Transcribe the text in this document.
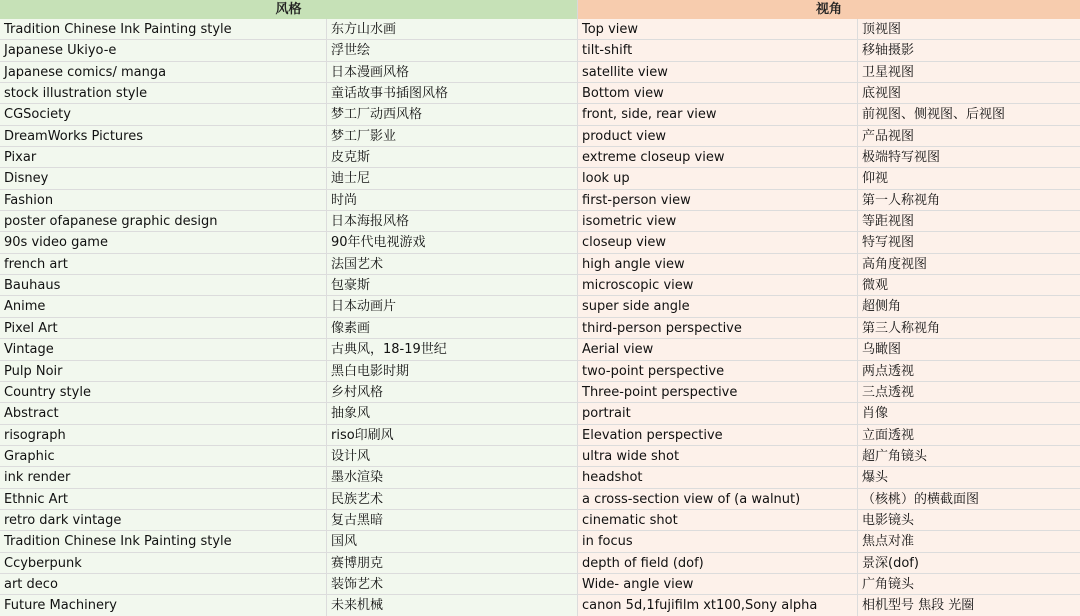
风格	视角
Tradition Chinese Ink Painting style	东方山水画	Top view	顶视图
Japanese Ukiyo-e	浮世绘	tilt-shift	移轴摄影
Japanese comics/ manga	日本漫画风格	satellite view	卫星视图
stock illustration style	童话故事书插图风格	Bottom view	底视图
CGSociety	梦工厂动西风格	front, side, rear view	前视图、侧视图、后视图
DreamWorks Pictures	梦工厂影业	product view	产品视图
Pixar	皮克斯	extreme closeup view	极端特写视图
Disney	迪士尼	look up	仰视
Fashion	时尚	first-person view	第一人称视角
poster ofapanese graphic design	日本海报风格	isometric view	等距视图
90s video game	90年代电视游戏	closeup view	特写视图
french art	法国艺术	high angle view	高角度视图
Bauhaus	包豪斯	microscopic view	微观
Anime	日本动画片	super side angle	超侧角
Pixel Art	像素画	third-person perspective	第三人称视角
Vintage	古典风，18-19世纪	Aerial view	乌瞰图
Pulp Noir	黑白电影时期	two-point perspective	两点透视
Country style	乡村风格	Three-point perspective	三点透视
Abstract	抽象风	portrait	肖像
risograph	riso印刷风	Elevation perspective	立面透视
Graphic	设计风	ultra wide shot	超广角镜头
ink render	墨水渲染	headshot	爆头
Ethnic Art	民族艺术	a cross-section view of (a walnut)	（核桃）的横截面图
retro dark vintage	复古黑暗	cinematic shot	电影镜头
Tradition Chinese Ink Painting style	国风	in focus	焦点对准
Ccyberpunk	赛博朋克	depth of field (dof)	景深(dof)
art deco	装饰艺术	Wide- angle view	广角镜头
Future Machinery	未来机械	canon 5d,1fujifilm xt100,Sony alpha	相机型号 焦段 光圈
